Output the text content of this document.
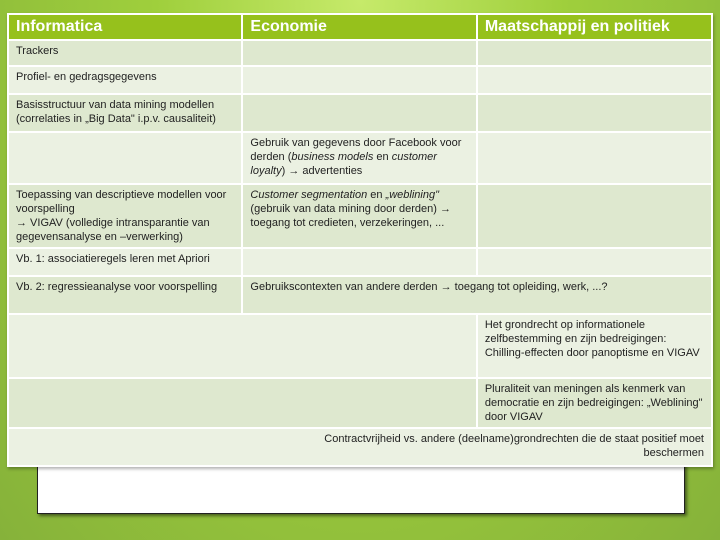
Informatica	Economie	Maatschappij en politiek
Trackers		
Profiel- en gedragsgegevens		
Basisstructuur van data mining modellen
(correlaties in „Big Data" i.p.v. causaliteit)		
	Gebruik van gegevens door Facebook voor derden (business models en customer loyalty) → advertenties	
Toepassing van descriptieve modellen voor voorspelling
→ VIGAV (volledige intransparantie van gegevensanalyse en –verwerking)	Customer segmentation en „weblining" (gebruik van data mining door derden) → toegang tot credieten, verzekeringen, ...	
Vb. 1: associatieregels leren met Apriori		
Vb. 2: regressieanalyse voor voorspelling	Gebruikscontexten van andere derden → toegang tot opleiding, werk, ...?	
		Het grondrecht op informationele zelfbestemming en zijn bedreigingen: Chilling-effecten door panoptisme en VIGAV
		Pluraliteit van meningen als kenmerk van democratie en zijn bedreigingen: „Weblining" door VIGAV

Contractvrijheid vs. andere (deelname)grondrechten die de staat positief moet beschermen		
